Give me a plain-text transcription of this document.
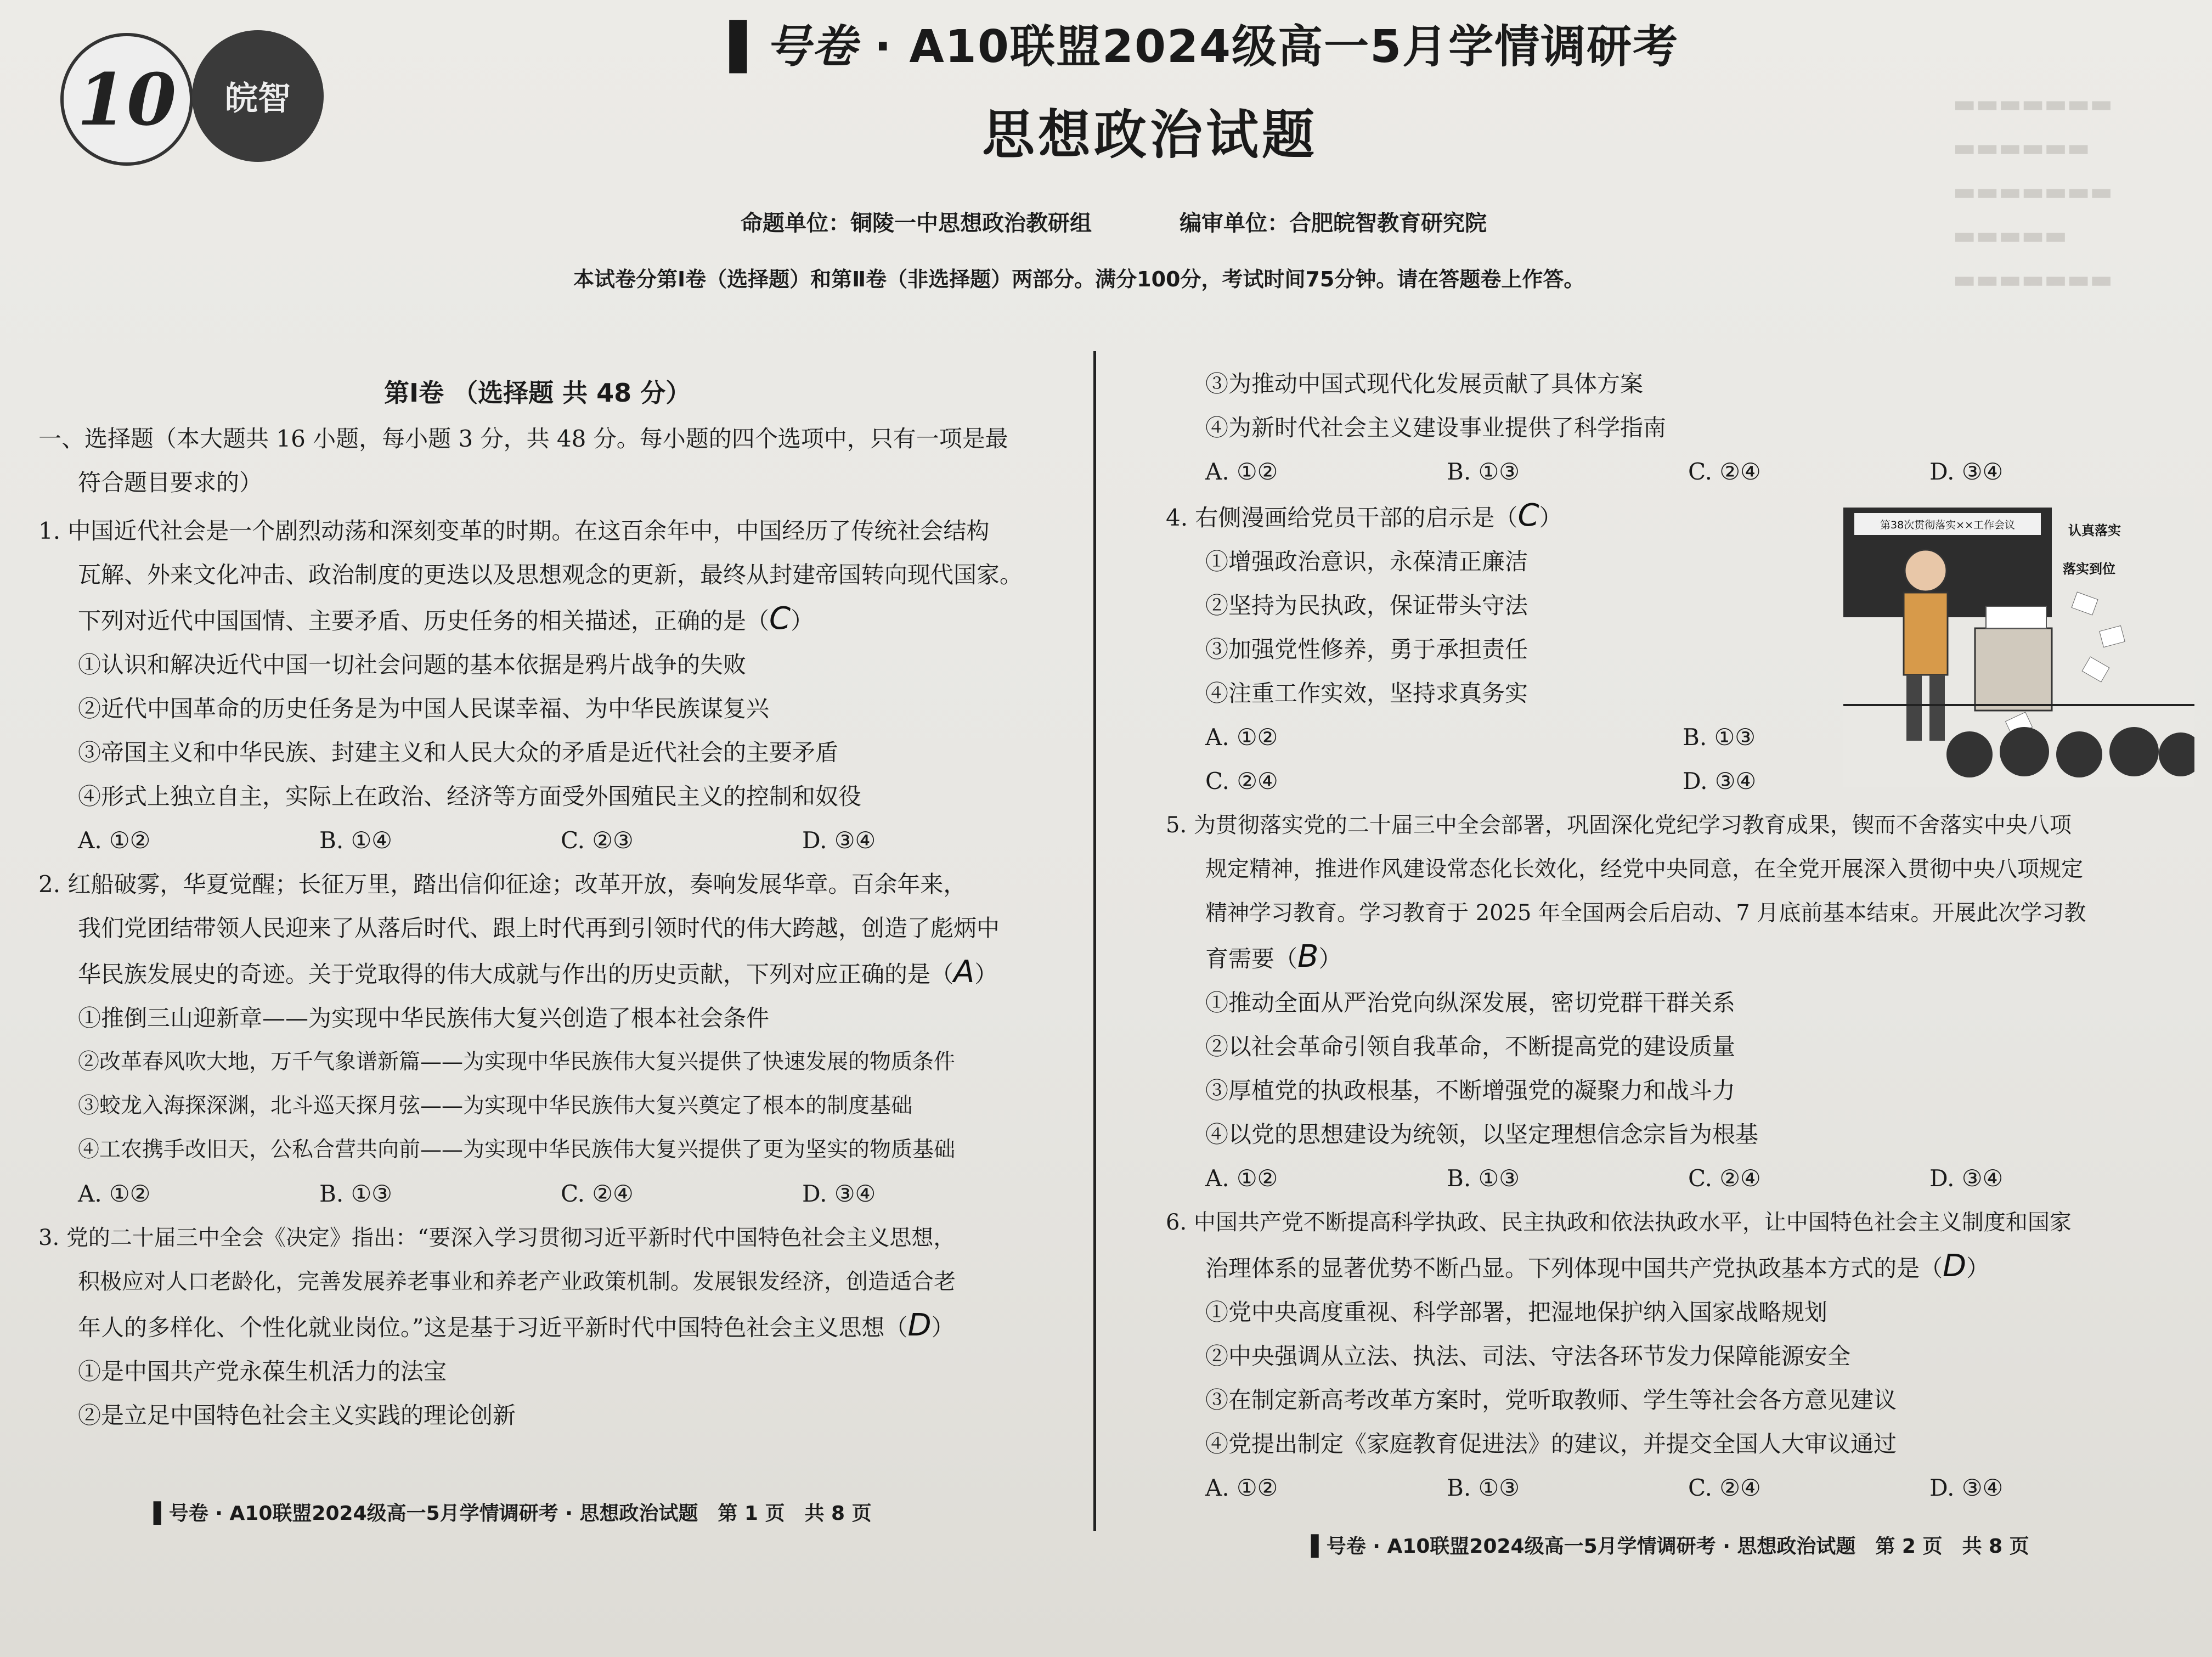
▬▬▬▬▬▬▬
▬▬▬▬▬▬
▬▬▬▬▬▬▬
▬▬▬▬▬
▬▬▬▬▬▬▬
10 皖智
▌号卷 · A10联盟2024级高一5月学情调研考
思想政治试题
命题单位：铜陵一中思想政治教研组	编审单位：合肥皖智教育研究院
本试卷分第Ⅰ卷（选择题）和第Ⅱ卷（非选择题）两部分。满分100分，考试时间75分钟。请在答题卷上作答。
第Ⅰ卷 （选择题 共 48 分）
一、选择题（本大题共 16 小题，每小题 3 分，共 48 分。每小题的四个选项中，只有一项是最
符合题目要求的）
1. 中国近代社会是一个剧烈动荡和深刻变革的时期。在这百余年中，中国经历了传统社会结构
瓦解、外来文化冲击、政治制度的更迭以及思想观念的更新，最终从封建帝国转向现代国家。
下列对近代中国国情、主要矛盾、历史任务的相关描述，正确的是（C）
①认识和解决近代中国一切社会问题的基本依据是鸦片战争的失败
②近代中国革命的历史任务是为中国人民谋幸福、为中华民族谋复兴
③帝国主义和中华民族、封建主义和人民大众的矛盾是近代社会的主要矛盾
④形式上独立自主，实际上在政治、经济等方面受外国殖民主义的控制和奴役
A. ①②	B. ①④	C. ②③	D. ③④
2. 红船破雾，华夏觉醒；长征万里，踏出信仰征途；改革开放，奏响发展华章。百余年来，
我们党团结带领人民迎来了从落后时代、跟上时代再到引领时代的伟大跨越，创造了彪炳中
华民族发展史的奇迹。关于党取得的伟大成就与作出的历史贡献，下列对应正确的是（A）
①推倒三山迎新章——为实现中华民族伟大复兴创造了根本社会条件
②改革春风吹大地，万千气象谱新篇——为实现中华民族伟大复兴提供了快速发展的物质条件
③蛟龙入海探深渊，北斗巡天探月弦——为实现中华民族伟大复兴奠定了根本的制度基础
④工农携手改旧天，公私合营共向前——为实现中华民族伟大复兴提供了更为坚实的物质基础
A. ①②	B. ①③	C. ②④	D. ③④
3. 党的二十届三中全会《决定》指出：“要深入学习贯彻习近平新时代中国特色社会主义思想，
积极应对人口老龄化，完善发展养老事业和养老产业政策机制。发展银发经济，创造适合老
年人的多样化、个性化就业岗位。”这是基于习近平新时代中国特色社会主义思想（D）
①是中国共产党永葆生机活力的法宝
②是立足中国特色社会主义实践的理论创新
▌号卷 · A10联盟2024级高一5月学情调研考 · 思想政治试题　第 1 页　共 8 页
③为推动中国式现代化发展贡献了具体方案
④为新时代社会主义建设事业提供了科学指南
A. ①②	B. ①③	C. ②④	D. ③④
4. 右侧漫画给党员干部的启示是（C）
①增强政治意识，永葆清正廉洁
②坚持为民执政，保证带头守法
③加强党性修养，勇于承担责任
④注重工作实效，坚持求真务实
A. ①②	B. ①③
C. ②④	D. ③④
5. 为贯彻落实党的二十届三中全会部署，巩固深化党纪学习教育成果，锲而不舍落实中央八项
规定精神，推进作风建设常态化长效化，经党中央同意，在全党开展深入贯彻中央八项规定
精神学习教育。学习教育于 2025 年全国两会后启动、7 月底前基本结束。开展此次学习教
育需要（B）
①推动全面从严治党向纵深发展，密切党群干群关系
②以社会革命引领自我革命，不断提高党的建设质量
③厚植党的执政根基，不断增强党的凝聚力和战斗力
④以党的思想建设为统领，以坚定理想信念宗旨为根基
A. ①②	B. ①③	C. ②④	D. ③④
6. 中国共产党不断提高科学执政、民主执政和依法执政水平，让中国特色社会主义制度和国家
治理体系的显著优势不断凸显。下列体现中国共产党执政基本方式的是（D）
①党中央高度重视、科学部署，把湿地保护纳入国家战略规划
②中央强调从立法、执法、司法、守法各环节发力保障能源安全
③在制定新高考改革方案时，党听取教师、学生等社会各方意见建议
④党提出制定《家庭教育促进法》的建议，并提交全国人大审议通过
A. ①②	B. ①③	C. ②④	D. ③④
第38次贯彻落实××工作会议	认真落实
落实到位
▌号卷 · A10联盟2024级高一5月学情调研考 · 思想政治试题　第 2 页　共 8 页
